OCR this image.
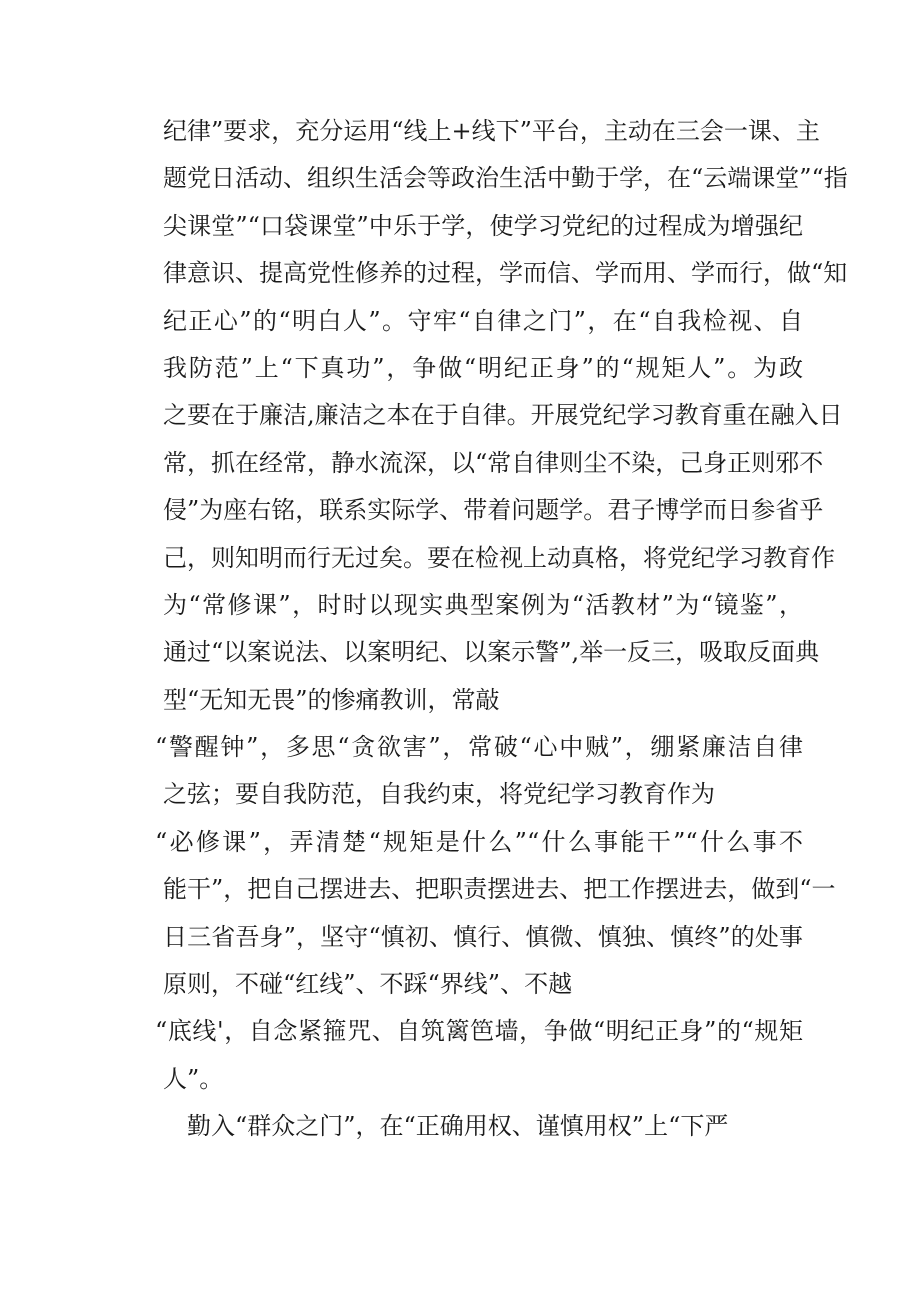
纪律”要求，充分运用“线上+线下”平台，主动在三会一课、主
题党日活动、组织生活会等政治生活中勤于学，在“云端课堂”“指
尖课堂”“口袋课堂”中乐于学，使学习党纪的过程成为增强纪
律意识、提高党性修养的过程，学而信、学而用、学而行，做“知
纪正心”的“明白人”。守牢“自律之门”，在“自我检视、自
我防范”上“下真功”，争做“明纪正身”的“规矩人”。为政
之要在于廉洁,廉洁之本在于自律。开展党纪学习教育重在融入日
常，抓在经常，静水流深，以“常自律则尘不染，己身正则邪不
侵”为座右铭，联系实际学、带着问题学。君子博学而日参省乎
己，则知明而行无过矣。要在检视上动真格，将党纪学习教育作
为“常修课”，时时以现实典型案例为“活教材”为“镜鉴”，
通过“以案说法、以案明纪、以案示警”,举一反三，吸取反面典
型“无知无畏”的惨痛教训，常敲
“警醒钟”，多思“贪欲害”，常破“心中贼”，绷紧廉洁自律
之弦；要自我防范，自我约束，将党纪学习教育作为
“必修课”，弄清楚“规矩是什么”“什么事能干”“什么事不
能干”，把自己摆进去、把职责摆进去、把工作摆进去，做到“一
日三省吾身”，坚守“慎初、慎行、慎微、慎独、慎终”的处事
原则，不碰“红线”、不踩“界线”、不越
“底线'，自念紧箍咒、自筑篱笆墙，争做“明纪正身”的“规矩
人”。
勤入“群众之门”，在“正确用权、谨慎用权”上“下严
